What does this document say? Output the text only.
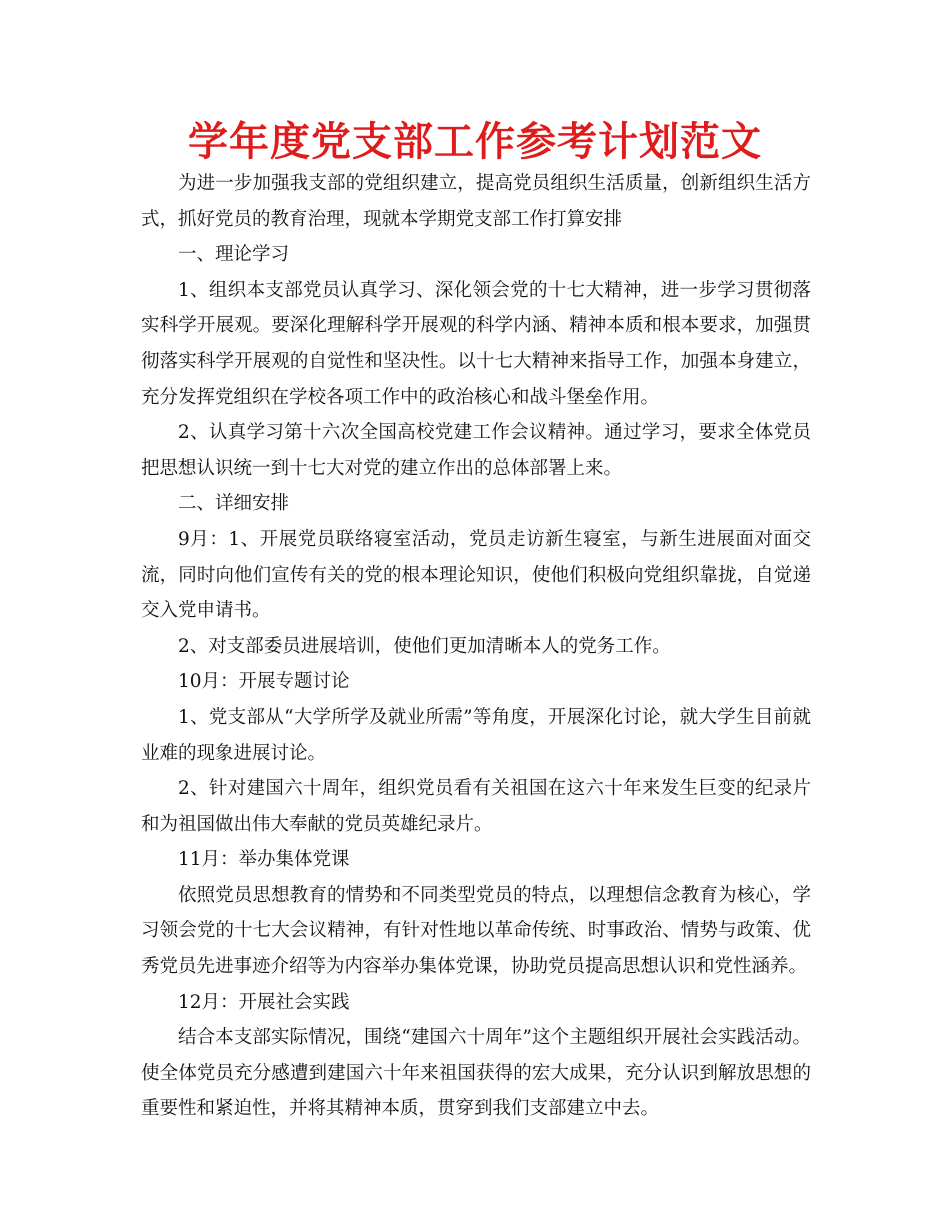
学年度党支部工作参考计划范文

为进一步加强我支部的党组织建立，提高党员组织生活质量，创新组织生活方式，抓好党员的教育治理，现就本学期党支部工作打算安排

一、理论学习

1、组织本支部党员认真学习、深化领会党的十七大精神，进一步学习贯彻落实科学开展观。要深化理解科学开展观的科学内涵、精神本质和根本要求，加强贯彻落实科学开展观的自觉性和坚决性。以十七大精神来指导工作，加强本身建立，充分发挥党组织在学校各项工作中的政治核心和战斗堡垒作用。

2、认真学习第十六次全国高校党建工作会议精神。通过学习，要求全体党员把思想认识统一到十七大对党的建立作出的总体部署上来。

二、详细安排

9月：1、开展党员联络寝室活动，党员走访新生寝室，与新生进展面对面交流，同时向他们宣传有关的党的根本理论知识，使他们积极向党组织靠拢，自觉递交入党申请书。

2、对支部委员进展培训，使他们更加清晰本人的党务工作。

10月：开展专题讨论

1、党支部从“大学所学及就业所需”等角度，开展深化讨论，就大学生目前就业难的现象进展讨论。

2、针对建国六十周年，组织党员看有关祖国在这六十年来发生巨变的纪录片和为祖国做出伟大奉献的党员英雄纪录片。

11月：举办集体党课

依照党员思想教育的情势和不同类型党员的特点，以理想信念教育为核心，学习领会党的十七大会议精神，有针对性地以革命传统、时事政治、情势与政策、优秀党员先进事迹介绍等为内容举办集体党课，协助党员提高思想认识和党性涵养。

12月：开展社会实践

结合本支部实际情况，围绕“建国六十周年”这个主题组织开展社会实践活动。使全体党员充分感遭到建国六十年来祖国获得的宏大成果，充分认识到解放思想的重要性和紧迫性，并将其精神本质，贯穿到我们支部建立中去。
